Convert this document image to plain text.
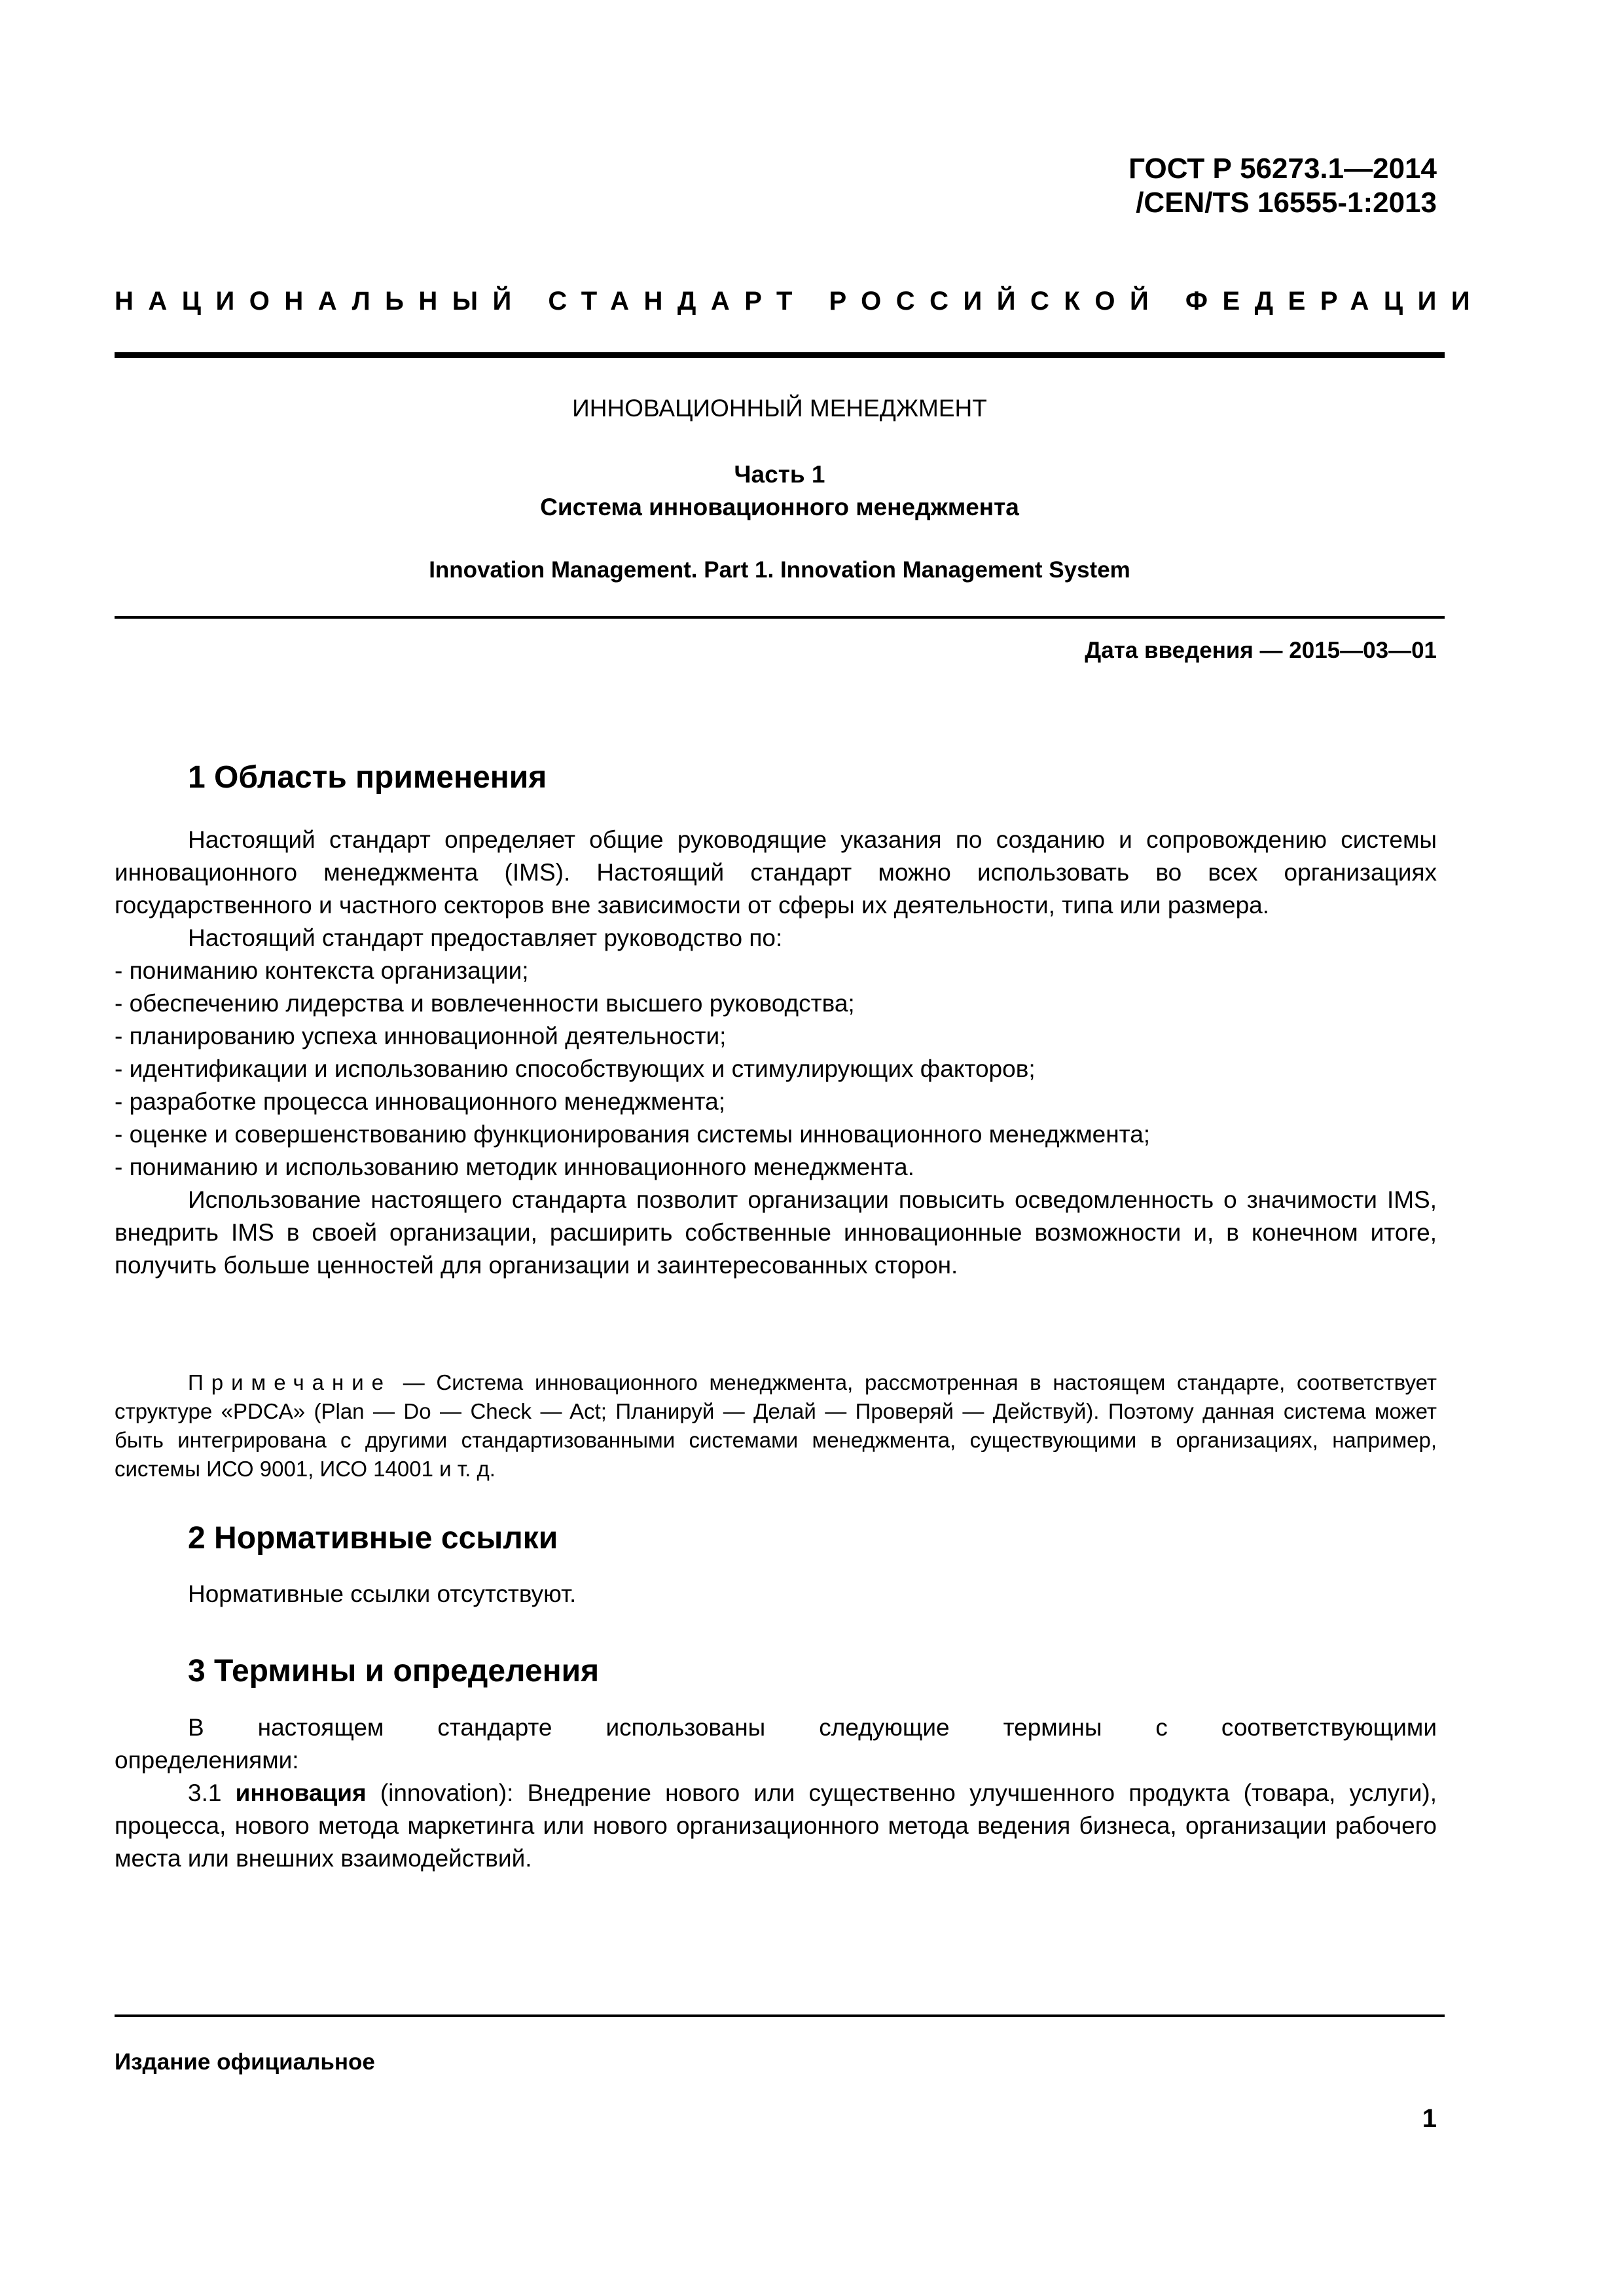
ГОСТ Р 56273.1—2014
/CEN/TS 16555-1:2013
НАЦИОНАЛЬНЫЙ СТАНДАРТ РОССИЙСКОЙ ФЕДЕРАЦИИ
ИННОВАЦИОННЫЙ МЕНЕДЖМЕНТ
Часть 1
Система инновационного менеджмента
Innovation Management. Part 1. Innovation Management System
Дата введения — 2015—03—01
1 Область применения

Настоящий стандарт определяет общие руководящие указания по созданию и сопровождению системы инновационного менеджмента (IMS). Настоящий стандарт можно использовать во всех организациях государственного и частного секторов вне зависимости от сферы их деятельности, типа или размера.

Настоящий стандарт предоставляет руководство по:

- пониманию контекста организации;
- обеспечению лидерства и вовлеченности высшего руководства;
- планированию успеха инновационной деятельности;
- идентификации и использованию способствующих и стимулирующих факторов;
- разработке процесса инновационного менеджмента;
- оценке и совершенствованию функционирования системы инновационного менеджмента;
- пониманию и использованию методик инновационного менеджмента.

Использование настоящего стандарта позволит организации повысить осведомленность о значимости IMS, внедрить IMS в своей организации, расширить собственные инновационные возможности и, в конечном итоге, получить больше ценностей для организации и заинтересованных сторон.

Примечание — Система инновационного менеджмента, рассмотренная в настоящем стандарте, соответствует структуре «PDCA» (Plan — Do — Check — Act; Планируй — Делай — Проверяй — Действуй). Поэтому данная система может быть интегрирована с другими стандартизованными системами менеджмента, существующими в организациях, например, системы ИСО 9001, ИСО 14001 и т. д.

2 Нормативные ссылки

Нормативные ссылки отсутствуют.

3 Термины и определения

В настоящем стандарте использованы следующие термины с соответствующими

определениями:

3.1 инновация (innovation): Внедрение нового или существенно улучшенного продукта (товара, услуги), процесса, нового метода маркетинга или нового организационного метода ведения бизнеса, организации рабочего места или внешних взаимодействий.

Издание официальное
1
